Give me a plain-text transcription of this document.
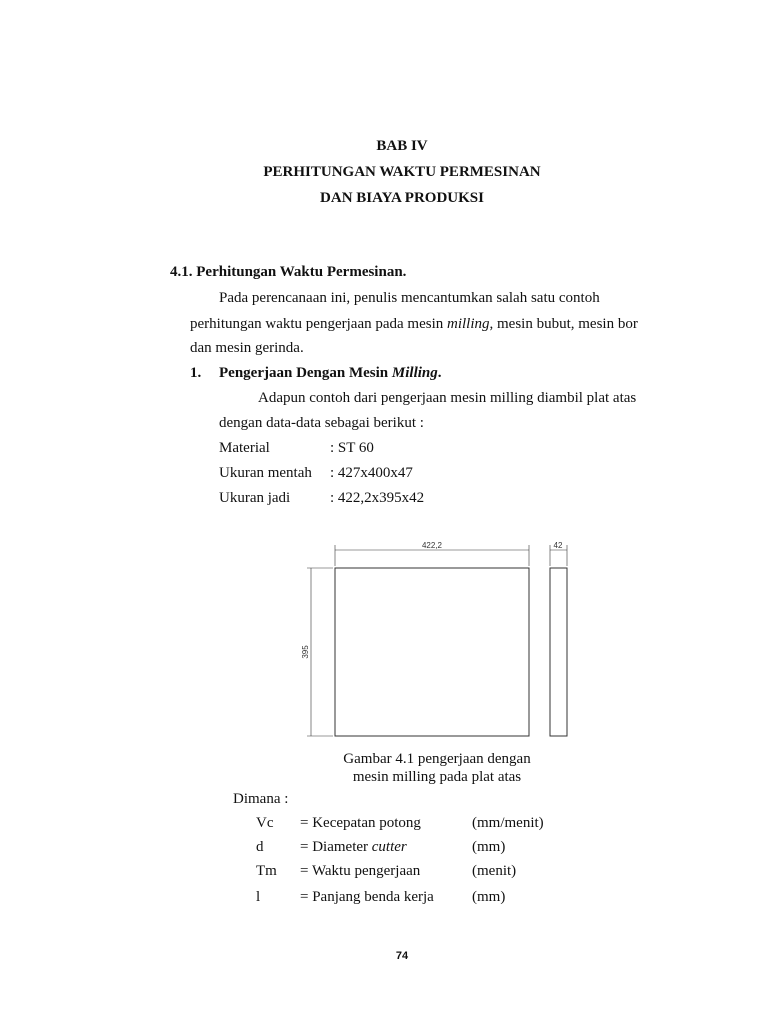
BAB IV
PERHITUNGAN WAKTU PERMESINAN
DAN BIAYA PRODUKSI
4.1. Perhitungan Waktu Permesinan.
Pada perencanaan ini, penulis mencantumkan salah satu contoh
perhitungan waktu pengerjaan pada mesin milling, mesin bubut, mesin bor
dan mesin gerinda.
1. Pengerjaan Dengan Mesin Milling.
Adapun contoh dari pengerjaan mesin milling diambil plat atas
dengan data-data sebagai berikut :
Material	: ST 60
Ukuran mentah : 427x400x47
Ukuran jadi	: 422,2x395x42
422,2	42
395
Gambar 4.1 pengerjaan dengan
mesin milling pada plat atas
Dimana :
Vc = Kecepatan potong	(mm/menit)
d = Diameter cutter	(mm)
Tm = Waktu pengerjaan	(menit)
l	= Panjang benda kerja	(mm)
74
